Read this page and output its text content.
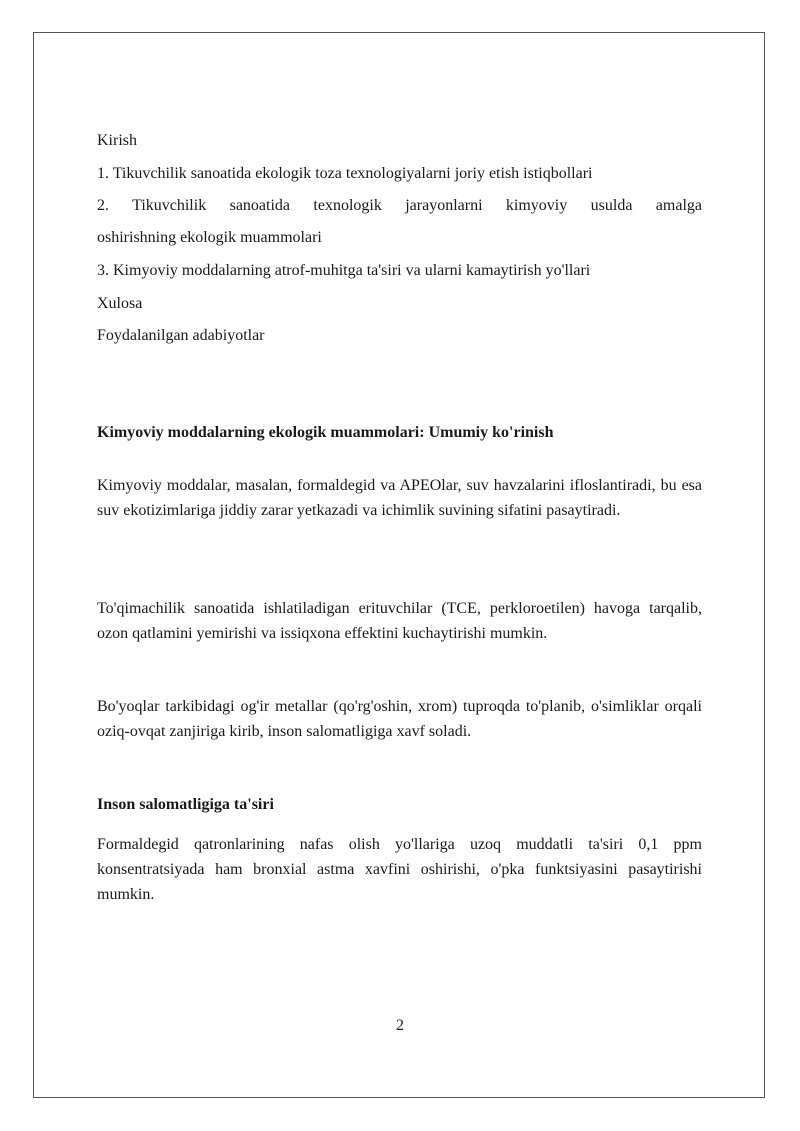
Kirish

1. Tikuvchilik sanoatida ekologik toza texnologiyalarni joriy etish istiqbollari

2. Tikuvchilik sanoatida texnologik jarayonlarni kimyoviy usulda amalga

oshirishning ekologik muammolari

3. Kimyoviy moddalarning atrof-muhitga ta'siri va ularni kamaytirish yo'llari

Xulosa

Foydalanilgan adabiyotlar

Kimyoviy moddalarning ekologik muammolari: Umumiy ko'rinish

Kimyoviy moddalar, masalan, formaldegid va APEOlar, suv havzalarini ifloslantiradi, bu esa suv ekotizimlariga jiddiy zarar yetkazadi va ichimlik suvining sifatini pasaytiradi.

To'qimachilik sanoatida ishlatiladigan erituvchilar (TCE, perkloroetilen) havoga tarqalib, ozon qatlamini yemirishi va issiqxona effektini kuchaytirishi mumkin.

Bo'yoqlar tarkibidagi og'ir metallar (qo'rg'oshin, xrom) tuproqda to'planib, o'simliklar orqali oziq-ovqat zanjiriga kirib, inson salomatligiga xavf soladi.

Inson salomatligiga ta'siri

Formaldegid qatronlarining nafas olish yo'llariga uzoq muddatli ta'siri 0,1 ppm konsentratsiyada ham bronxial astma xavfini oshirishi, o'pka funktsiyasini pasaytirishi mumkin.

2
